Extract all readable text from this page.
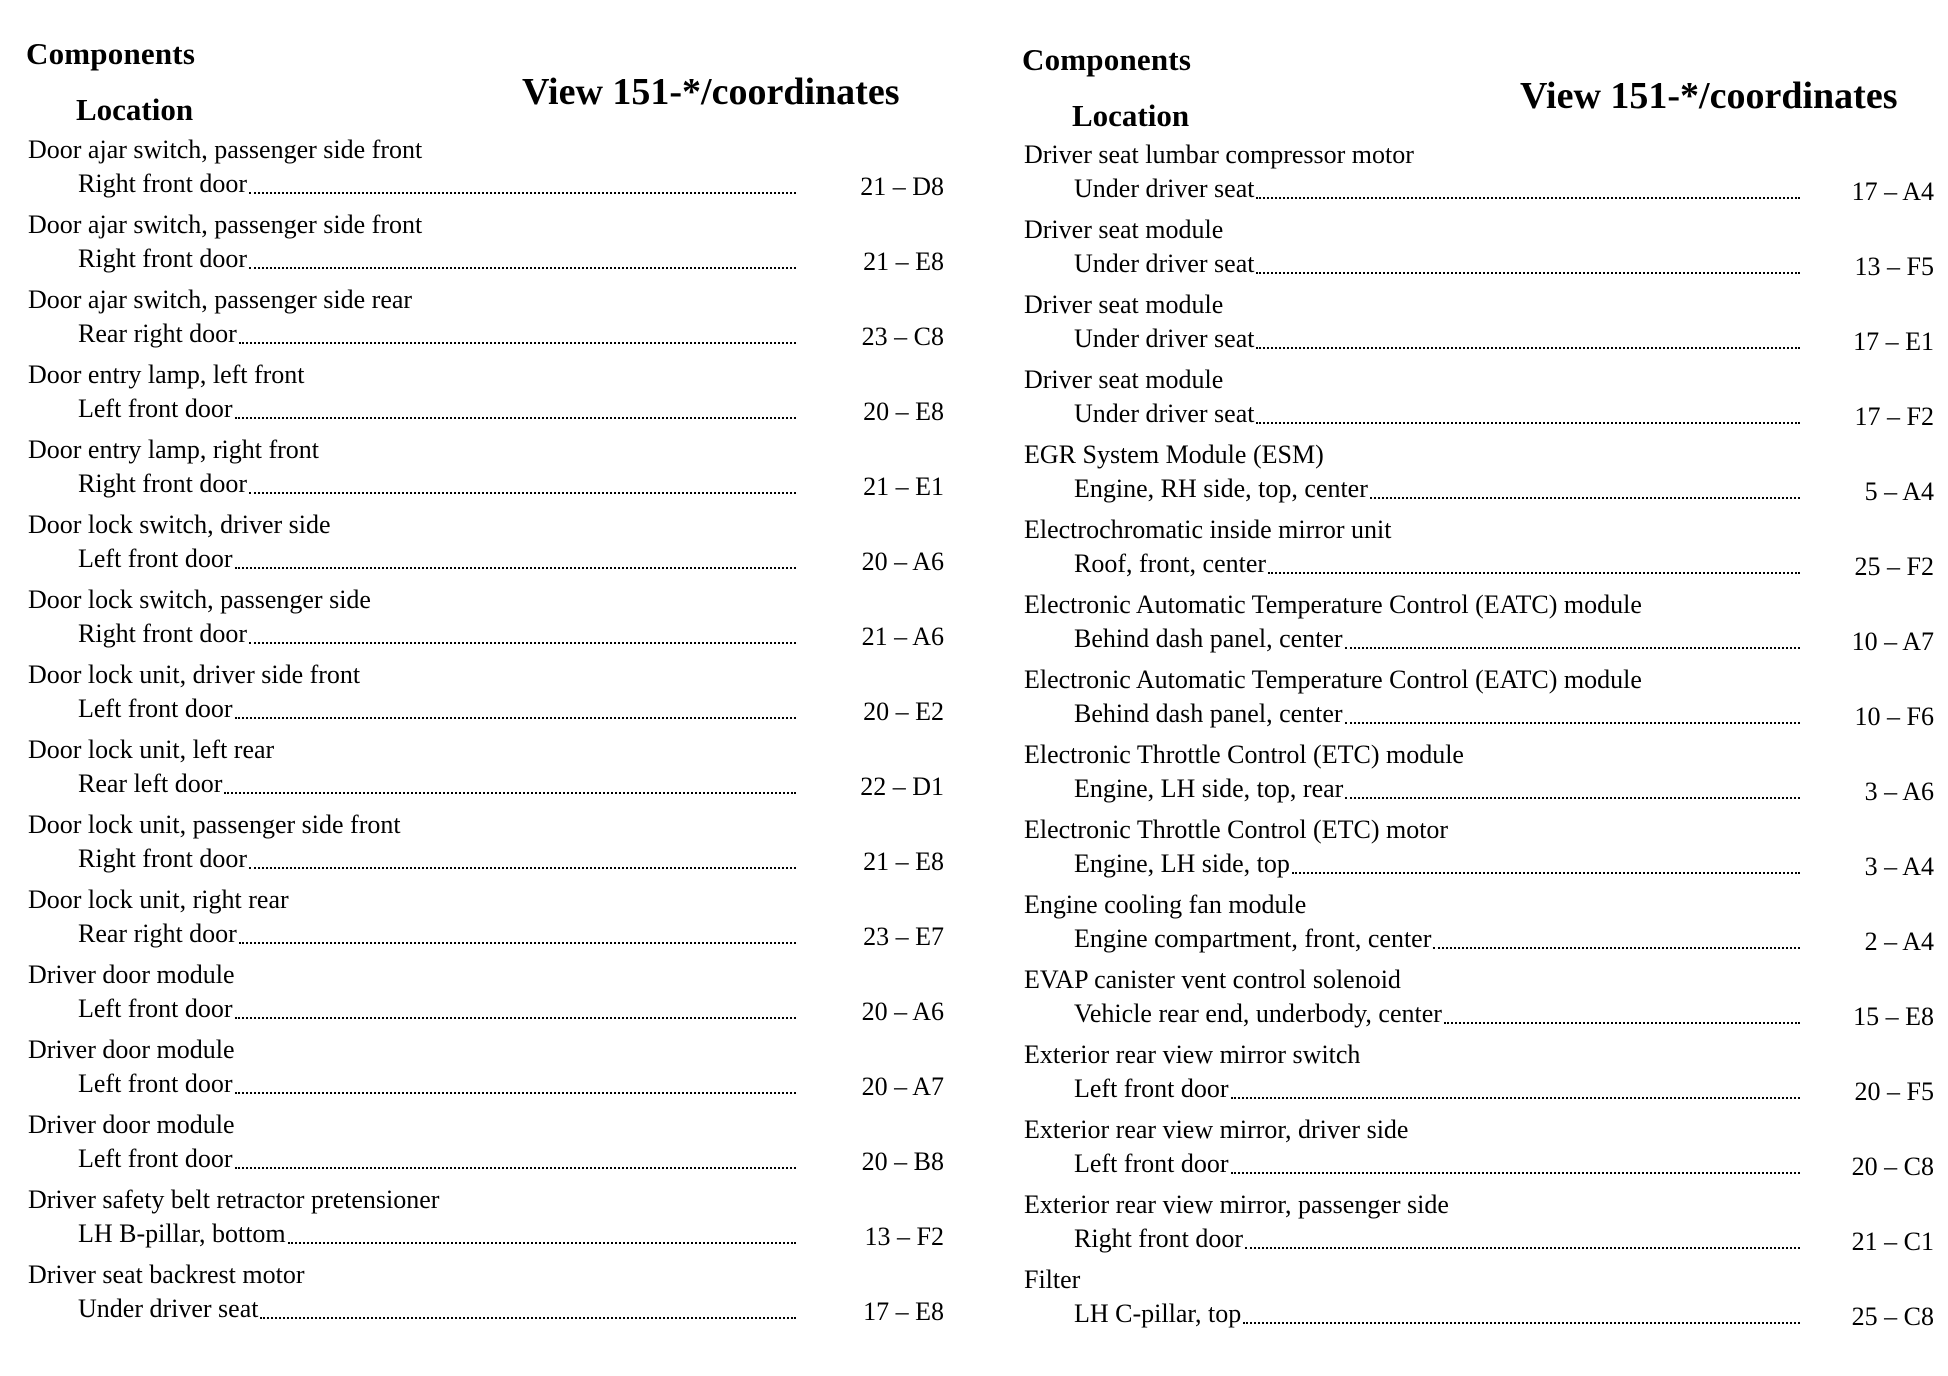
Components
Location	View 151-*/coordinates
Door ajar switch, passenger side front
Right front door	21 – D8
Door ajar switch, passenger side front
Right front door	21 – E8
Door ajar switch, passenger side rear
Rear right door	23 – C8
Door entry lamp, left front
Left front door	20 – E8
Door entry lamp, right front
Right front door	21 – E1
Door lock switch, driver side
Left front door	20 – A6
Door lock switch, passenger side
Right front door	21 – A6
Door lock unit, driver side front
Left front door	20 – E2
Door lock unit, left rear
Rear left door	22 – D1
Door lock unit, passenger side front
Right front door	21 – E8
Door lock unit, right rear
Rear right door	23 – E7
Driver door module
Left front door	20 – A6
Driver door module
Left front door	20 – A7
Driver door module
Left front door	20 – B8
Driver safety belt retractor pretensioner
LH B-pillar, bottom	13 – F2
Driver seat backrest motor
Under driver seat	17 – E8
Components
Location	View 151-*/coordinates
Driver seat lumbar compressor motor
Under driver seat	17 – A4
Driver seat module
Under driver seat	13 – F5
Driver seat module
Under driver seat	17 – E1
Driver seat module
Under driver seat	17 – F2
EGR System Module (ESM)
Engine, RH side, top, center	5 – A4
Electrochromatic inside mirror unit
Roof, front, center	25 – F2
Electronic Automatic Temperature Control (EATC) module
Behind dash panel, center	10 – A7
Electronic Automatic Temperature Control (EATC) module
Behind dash panel, center	10 – F6
Electronic Throttle Control (ETC) module
Engine, LH side, top, rear	3 – A6
Electronic Throttle Control (ETC) motor
Engine, LH side, top	3 – A4
Engine cooling fan module
Engine compartment, front, center	2 – A4
EVAP canister vent control solenoid
Vehicle rear end, underbody, center	15 – E8
Exterior rear view mirror switch
Left front door	20 – F5
Exterior rear view mirror, driver side
Left front door	20 – C8
Exterior rear view mirror, passenger side
Right front door	21 – C1
Filter
LH C-pillar, top	25 – C8
